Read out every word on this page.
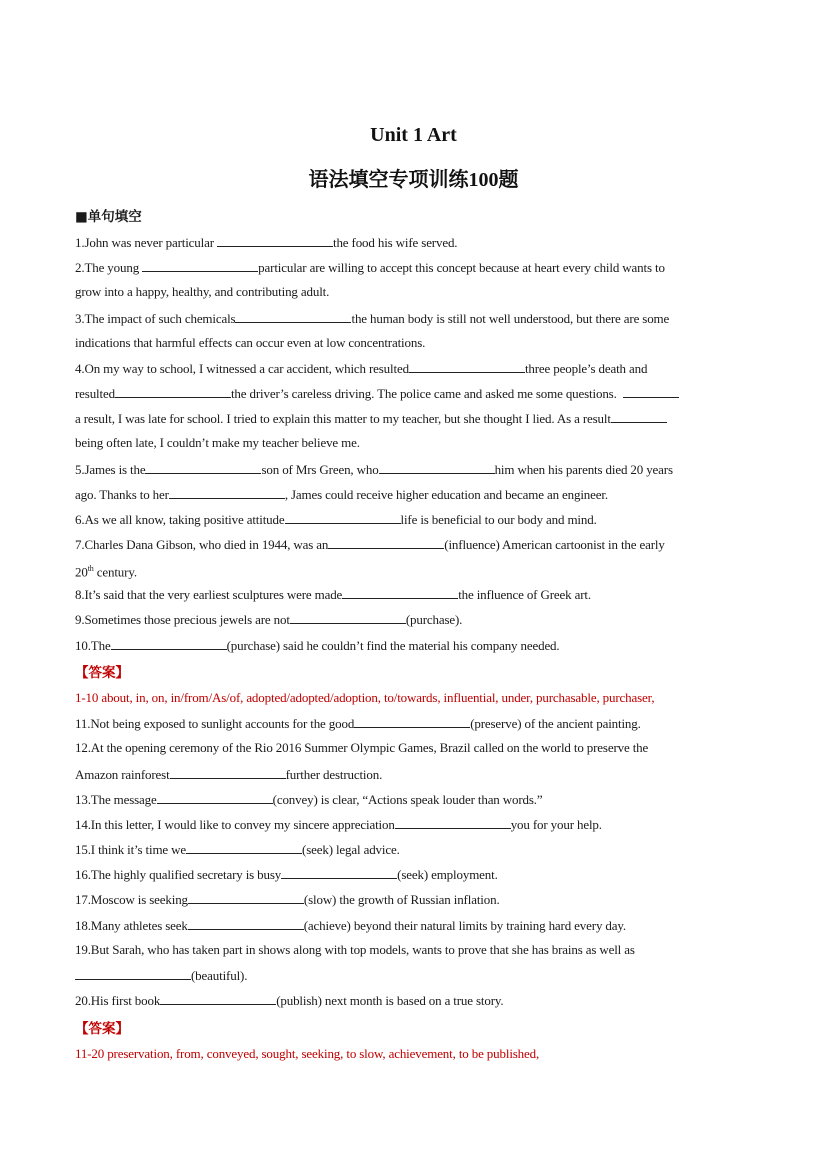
Unit 1 Art
语法填空专项训练100题
■单句填空
1.John was never particular	the food his wife served.
2.The young	particular are willing to accept this concept because at heart every child wants to
grow into a happy, healthy, and contributing adult.
3.The impact of such chemicals	the human body is still not well understood, but there are some
indications that harmful effects can occur even at low concentrations.
4.On my way to school, I witnessed a car accident, which resulted	three people’s death and
resulted	the driver’s careless driving. The police came and asked me some questions.
a result, I was late for school. I tried to explain this matter to my teacher, but she thought I lied. As a result
being often late, I couldn’t make my teacher believe me.
5.James is the	son of Mrs Green, who	him when his parents died 20 years
ago. Thanks to her	, James could receive higher education and became an engineer.
6.As we all know, taking positive attitude	life is beneficial to our body and mind.
7.Charles Dana Gibson, who died in 1944, was an	(influence) American cartoonist in the early
20th century.
8.It’s said that the very earliest sculptures were made	the influence of Greek art.
9.Sometimes those precious jewels are not	(purchase).
10.The	(purchase) said he couldn’t find the material his company needed.
【答案】
1-10 about, in, on, in/from/As/of, adopted/adopted/adoption, to/towards, influential, under, purchasable, purchaser,
11.Not being exposed to sunlight accounts for the good	(preserve) of the ancient painting.
12.At the opening ceremony of the Rio 2016 Summer Olympic Games, Brazil called on the world to preserve the
Amazon rainforest	further destruction.
13.The message	(convey) is clear, “Actions speak louder than words.”
14.In this letter, I would like to convey my sincere appreciation	you for your help.
15.I think it’s time we	(seek) legal advice.
16.The highly qualified secretary is busy	(seek) employment.
17.Moscow is seeking	(slow) the growth of Russian inflation.
18.Many athletes seek	(achieve) beyond their natural limits by training hard every day.
19.But Sarah, who has taken part in shows along with top models, wants to prove that she has brains as well as
(beautiful).
20.His first book	(publish) next month is based on a true story.
【答案】
11-20 preservation, from, conveyed, sought, seeking, to slow, achievement, to be published,
